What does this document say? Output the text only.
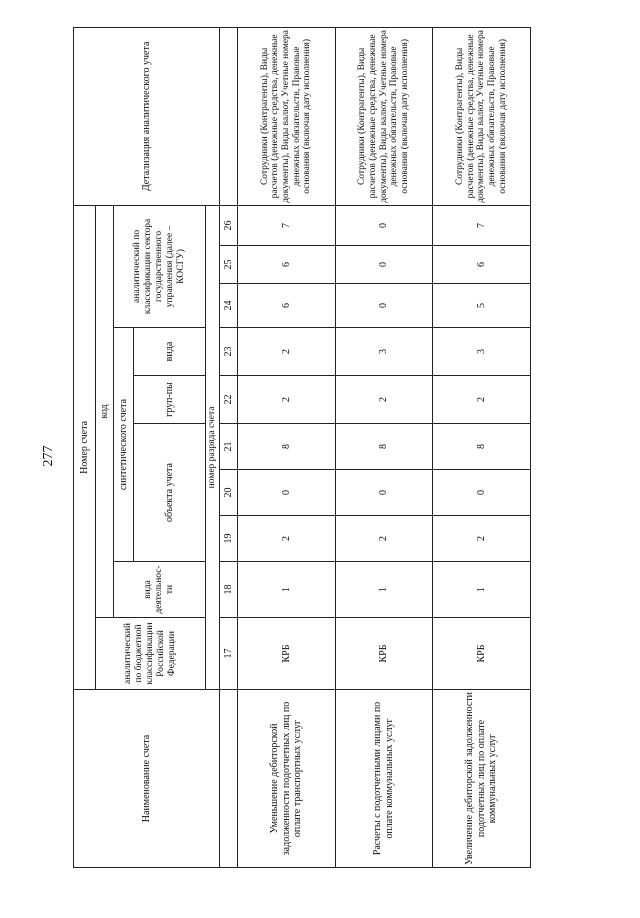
277
Наименование счета	Номер счета										Детализация аналитического учета
	аналитический по бюджетной классификации Российской Федерации	код									
		вида деятельнос-ти	синтетического счета					аналитический по классификации сектора государственного управления (далее – КОСГУ)			
			объекта учета			груп-пы	вида				
	номер разряда счета										
	17	18	19	20	21	22	23	24	25	26	
Уменьшение дебиторской задолженности подотчетных лиц по оплате транспортных услуг	КРБ	1	2	0	8	2	2	6	6	7	Сотрудники (Контрагенты), Виды расчетов (денежные средства, денежные документы), Виды валют, Учетные номера денежных обязательств, Правовые основания (включая дату исполнения)
Расчеты с подотчетными лицами по оплате коммунальных услуг	КРБ	1	2	0	8	2	3	0	0	0	Сотрудники (Контрагенты), Виды расчетов (денежные средства, денежные документы), Виды валют, Учетные номера денежных обязательств, Правовые основания (включая дату исполнения)
Увеличение дебиторской задолженности подотчетных лиц по оплате коммунальных услуг	КРБ	1	2	0	8	2	3	5	6	7	Сотрудники (Контрагенты), Виды расчетов (денежные средства, денежные документы), Виды валют, Учетные номера денежных обязательств, Правовые основания (включая дату исполнения)
